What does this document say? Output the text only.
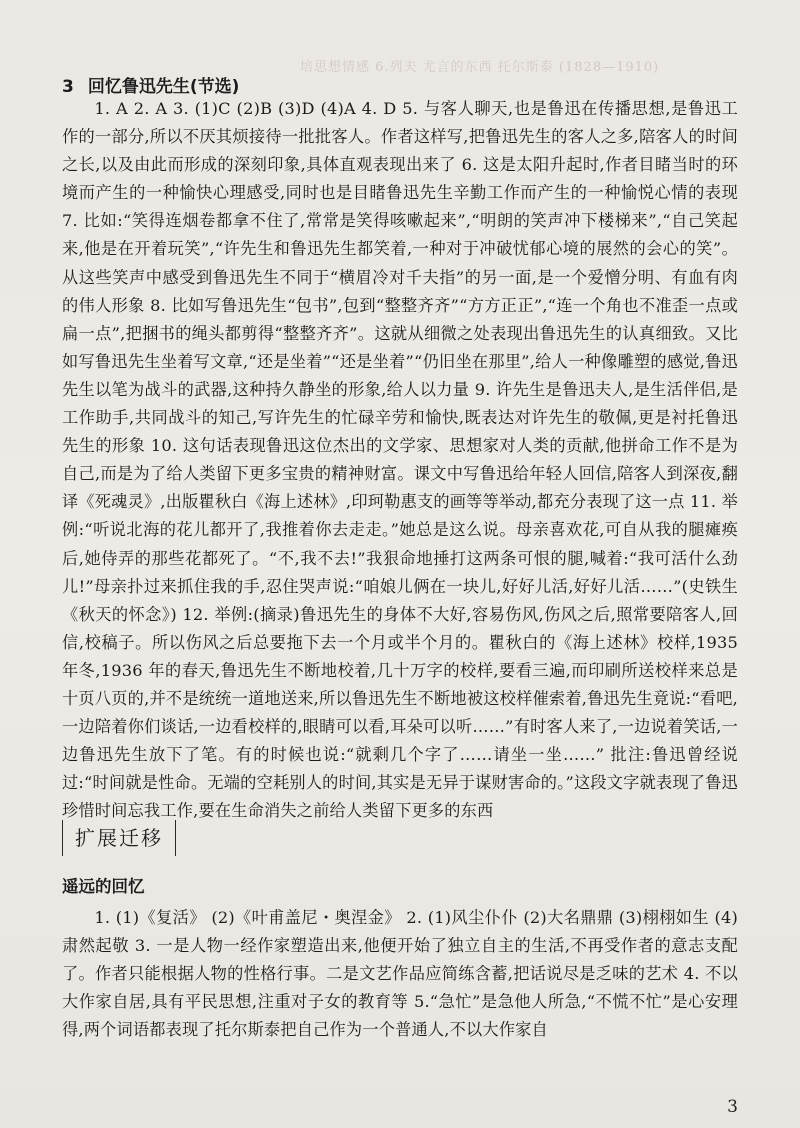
培思想情感 6.列夫 尤言的东西 托尔斯泰 (1828—1910)
3 回忆鲁迅先生(节选)

1. A 2. A 3. (1)C (2)B (3)D (4)A 4. D 5. 与客人聊天,也是鲁迅在传播思想,是鲁迅工作的一部分,所以不厌其烦接待一批批客人。作者这样写,把鲁迅先生的客人之多,陪客人的时间之长,以及由此而形成的深刻印象,具体直观表现出来了 6. 这是太阳升起时,作者目睹当时的环境而产生的一种愉快心理感受,同时也是目睹鲁迅先生辛勤工作而产生的一种愉悦心情的表现 7. 比如:“笑得连烟卷都拿不住了,常常是笑得咳嗽起来”,“明朗的笑声冲下楼梯来”,“自己笑起来,他是在开着玩笑”,“许先生和鲁迅先生都笑着,一种对于冲破忧郁心境的展然的会心的笑”。从这些笑声中感受到鲁迅先生不同于“横眉冷对千夫指”的另一面,是一个爱憎分明、有血有肉的伟人形象 8. 比如写鲁迅先生“包书”,包到“整整齐齐”“方方正正”,“连一个角也不准歪一点或扁一点”,把捆书的绳头都剪得“整整齐齐”。这就从细微之处表现出鲁迅先生的认真细致。又比如写鲁迅先生坐着写文章,“还是坐着”“还是坐着”“仍旧坐在那里”,给人一种像雕塑的感觉,鲁迅先生以笔为战斗的武器,这种持久静坐的形象,给人以力量 9. 许先生是鲁迅夫人,是生活伴侣,是工作助手,共同战斗的知己,写许先生的忙碌辛劳和愉快,既表达对许先生的敬佩,更是衬托鲁迅先生的形象 10. 这句话表现鲁迅这位杰出的文学家、思想家对人类的贡献,他拼命工作不是为自己,而是为了给人类留下更多宝贵的精神财富。课文中写鲁迅给年轻人回信,陪客人到深夜,翻译《死魂灵》,出版瞿秋白《海上述林》,印珂勒惠支的画等等举动,都充分表现了这一点 11. 举例:“听说北海的花儿都开了,我推着你去走走。”她总是这么说。母亲喜欢花,可自从我的腿瘫痪后,她侍弄的那些花都死了。“不,我不去!”我狠命地捶打这两条可恨的腿,喊着:“我可活什么劲儿!”母亲扑过来抓住我的手,忍住哭声说:“咱娘儿俩在一块儿,好好儿活,好好儿活……”(史铁生《秋天的怀念》) 12. 举例:(摘录)鲁迅先生的身体不大好,容易伤风,伤风之后,照常要陪客人,回信,校稿子。所以伤风之后总要拖下去一个月或半个月的。瞿秋白的《海上述林》校样,1935 年冬,1936 年的春天,鲁迅先生不断地校着,几十万字的校样,要看三遍,而印刷所送校样来总是十页八页的,并不是统统一道地送来,所以鲁迅先生不断地被这校样催索着,鲁迅先生竟说:“看吧,一边陪着你们谈话,一边看校样的,眼睛可以看,耳朵可以听……”有时客人来了,一边说着笑话,一边鲁迅先生放下了笔。有的时候也说:“就剩几个字了……请坐一坐……” 批注:鲁迅曾经说过:“时间就是性命。无端的空耗别人的时间,其实是无异于谋财害命的。”这段文字就表现了鲁迅珍惜时间忘我工作,要在生命消失之前给人类留下更多的东西

扩展迁移
遥远的回忆

1. (1)《复活》 (2)《叶甫盖尼・奥涅金》 2. (1)风尘仆仆 (2)大名鼎鼎 (3)栩栩如生 (4)肃然起敬 3. 一是人物一经作家塑造出来,他便开始了独立自主的生活,不再受作者的意志支配了。作者只能根据人物的性格行事。二是文艺作品应简练含蓄,把话说尽是乏味的艺术 4. 不以大作家自居,具有平民思想,注重对子女的教育等 5.“急忙”是急他人所急,“不慌不忙”是心安理得,两个词语都表现了托尔斯泰把自己作为一个普通人,不以大作家自

3
